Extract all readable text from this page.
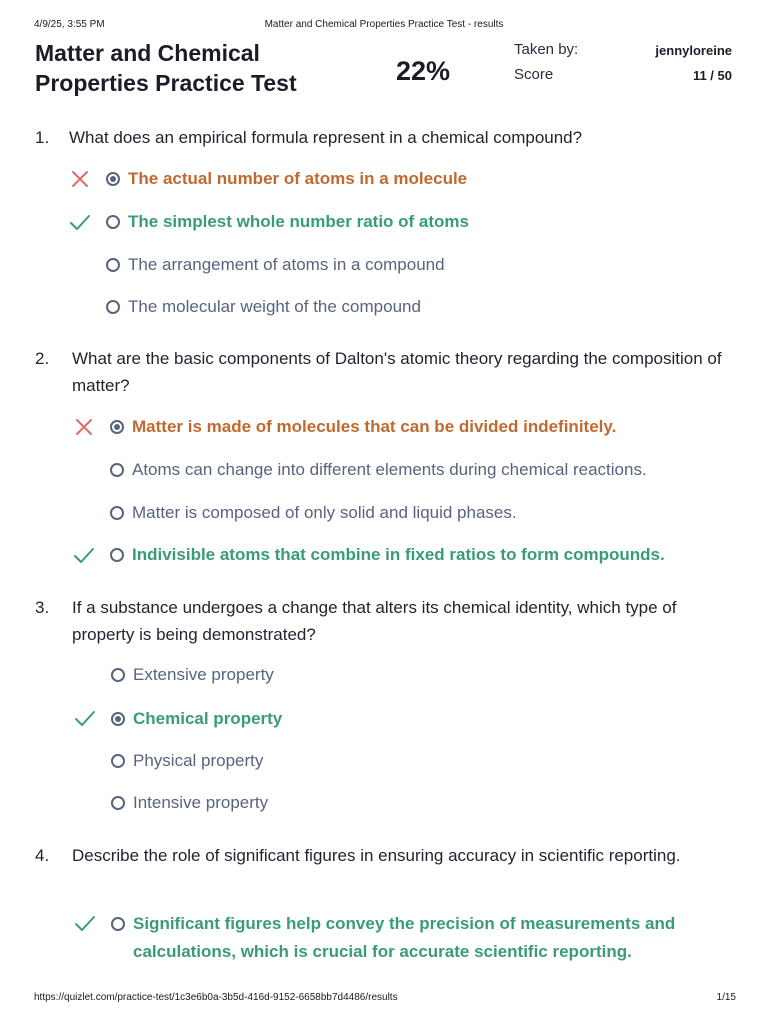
4/9/25, 3:55 PM	Matter and Chemical Properties Practice Test - results
Matter and Chemical Properties Practice Test	22%
Taken by:	jennyloreine
Score	11 / 50
1. What does an empirical formula represent in a chemical compound?
The actual number of atoms in a molecule
The simplest whole number ratio of atoms
The arrangement of atoms in a compound
The molecular weight of the compound
2. What are the basic components of Dalton's atomic theory regarding the composition of matter?
Matter is made of molecules that can be divided indefinitely.
Atoms can change into different elements during chemical reactions.
Matter is composed of only solid and liquid phases.
Indivisible atoms that combine in fixed ratios to form compounds.
3. If a substance undergoes a change that alters its chemical identity, which type of property is being demonstrated?
Extensive property
Chemical property
Physical property
Intensive property
4. Describe the role of significant figures in ensuring accuracy in scientific reporting.
Significant figures help convey the precision of measurements and calculations, which is crucial for accurate scientific reporting.
https://quizlet.com/practice-test/1c3e6b0a-3b5d-416d-9152-6658bb7d4486/results	1/15
